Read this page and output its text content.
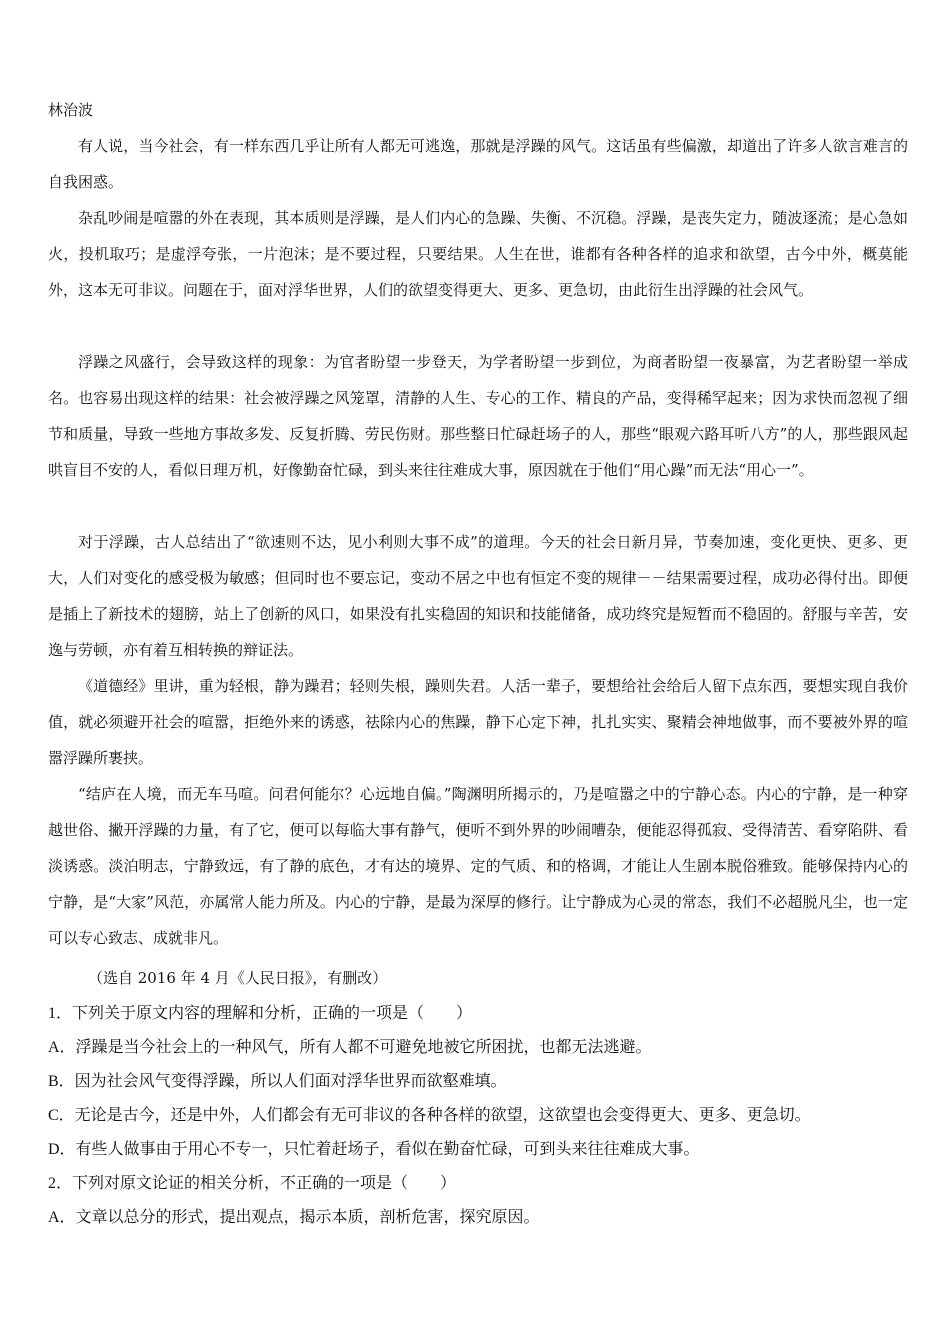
林治波
有人说，当今社会，有一样东西几乎让所有人都无可逃逸，那就是浮躁的风气。这话虽有些偏激，却道出了许多人欲言难言的自我困惑。
杂乱吵闹是喧嚣的外在表现，其本质则是浮躁，是人们内心的急躁、失衡、不沉稳。浮躁，是丧失定力，随波逐流；是心急如火，投机取巧；是虚浮夸张，一片泡沫；是不要过程，只要结果。人生在世，谁都有各种各样的追求和欲望，古今中外，概莫能外，这本无可非议。问题在于，面对浮华世界，人们的欲望变得更大、更多、更急切，由此衍生出浮躁的社会风气。
浮躁之风盛行，会导致这样的现象：为官者盼望一步登天，为学者盼望一步到位，为商者盼望一夜暴富，为艺者盼望一举成名。也容易出现这样的结果：社会被浮躁之风笼罩，清静的人生、专心的工作、精良的产品，变得稀罕起来；因为求快而忽视了细节和质量，导致一些地方事故多发、反复折腾、劳民伤财。那些整日忙碌赶场子的人，那些“眼观六路耳听八方”的人，那些跟风起哄盲目不安的人，看似日理万机，好像勤奋忙碌，到头来往往难成大事，原因就在于他们“用心躁”而无法“用心一”。
对于浮躁，古人总结出了“欲速则不达，见小利则大事不成”的道理。今天的社会日新月异，节奏加速，变化更快、更多、更大，人们对变化的感受极为敏感；但同时也不要忘记，变动不居之中也有恒定不变的规律－－结果需要过程，成功必得付出。即便是插上了新技术的翅膀，站上了创新的风口，如果没有扎实稳固的知识和技能储备，成功终究是短暂而不稳固的。舒服与辛苦，安逸与劳顿，亦有着互相转换的辩证法。
《道德经》里讲，重为轻根，静为躁君；轻则失根，躁则失君。人活一辈子，要想给社会给后人留下点东西，要想实现自我价值，就必须避开社会的喧嚣，拒绝外来的诱惑，祛除内心的焦躁，静下心定下神，扎扎实实、聚精会神地做事，而不要被外界的喧嚣浮躁所裹挟。
“结庐在人境，而无车马喧。问君何能尔？心远地自偏。”陶渊明所揭示的，乃是喧嚣之中的宁静心态。内心的宁静，是一种穿越世俗、撇开浮躁的力量，有了它，便可以每临大事有静气，便听不到外界的吵闹嘈杂，便能忍得孤寂、受得清苦、看穿陷阱、看淡诱惑。淡泊明志，宁静致远，有了静的底色，才有达的境界、定的气质、和的格调，才能让人生剧本脱俗雅致。能够保持内心的宁静，是“大家”风范，亦属常人能力所及。内心的宁静，是最为深厚的修行。让宁静成为心灵的常态，我们不必超脱凡尘，也一定可以专心致志、成就非凡。
（选自 2016 年 4 月《人民日报》，有删改）
1．下列关于原文内容的理解和分析，正确的一项是（　　）
A．浮躁是当今社会上的一种风气，所有人都不可避免地被它所困扰，也都无法逃避。
B．因为社会风气变得浮躁，所以人们面对浮华世界而欲壑难填。
C．无论是古今，还是中外，人们都会有无可非议的各种各样的欲望，这欲望也会变得更大、更多、更急切。
D．有些人做事由于用心不专一，只忙着赶场子，看似在勤奋忙碌，可到头来往往难成大事。
2．下列对原文论证的相关分析，不正确的一项是（　　）
A．文章以总分的形式，提出观点，揭示本质，剖析危害，探究原因。
